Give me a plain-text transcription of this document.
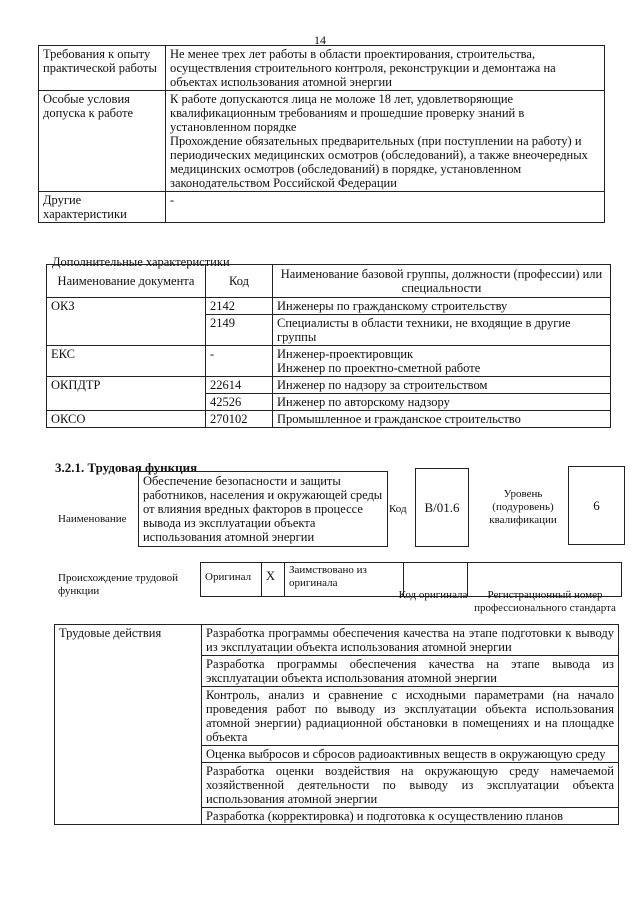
14
Требования к опыту практической работы	Не менее трех лет работы в области проектирования, строительства, осуществления строительного контроля, реконструкции и демонтажа на объектах использования атомной энергии
Особые условия допуска к работе	К работе допускаются лица не моложе 18 лет, удовлетворяющие квалификационным требованиям и прошедшие проверку знаний в установленном порядке
Прохождение обязательных предварительных (при поступлении на работу) и периодических медицинских осмотров (обследований), а также внеочередных медицинских осмотров (обследований) в порядке, установленном законодательством Российской Федерации

Другие характеристики	-
Дополнительные характеристики
Наименование документа	Код	Наименование базовой группы, должности (профессии) или специальности
ОКЗ	2142	Инженеры по гражданскому строительству
	2149	Специалисты в области техники, не входящие в другие группы
ЕКС	-	Инженер-проектировщик
Инженер по проектно-сметной работе

ОКПДТР	22614	Инженер по надзору за строительством
	42526	Инженер по авторскому надзору
ОКСО	270102	Промышленное и гражданское строительство
3.2.1. Трудовая функция
Наименование
Обеспечение безопасности и защиты работников, населения и окружающей среды от влияния вредных факторов в процессе вывода из эксплуатации объекта использования атомной энергии
Код	B/01.6
Уровень (подуровень) квалификации
6
Происхождение трудовой функции
Оригинал	X	Заимствовано из оригинала		
Код оригинала	Регистрационный номер профессионального стандарта
Трудовые действия	Разработка программы обеспечения качества на этапе подготовки к выводу из эксплуатации объекта использования атомной энергии
Разработка программы обеспечения качества на этапе вывода из эксплуатации объекта использования атомной энергии
Контроль, анализ и сравнение с исходными параметрами (на начало проведения работ по выводу из эксплуатации объекта использования атомной энергии) радиационной обстановки в помещениях и на площадке объекта
Оценка выбросов и сбросов радиоактивных веществ в окружающую среду
Разработка оценки воздействия на окружающую среду намечаемой хозяйственной деятельности по выводу из эксплуатации объекта использования атомной энергии
Разработка (корректировка) и подготовка к осуществлению планов
